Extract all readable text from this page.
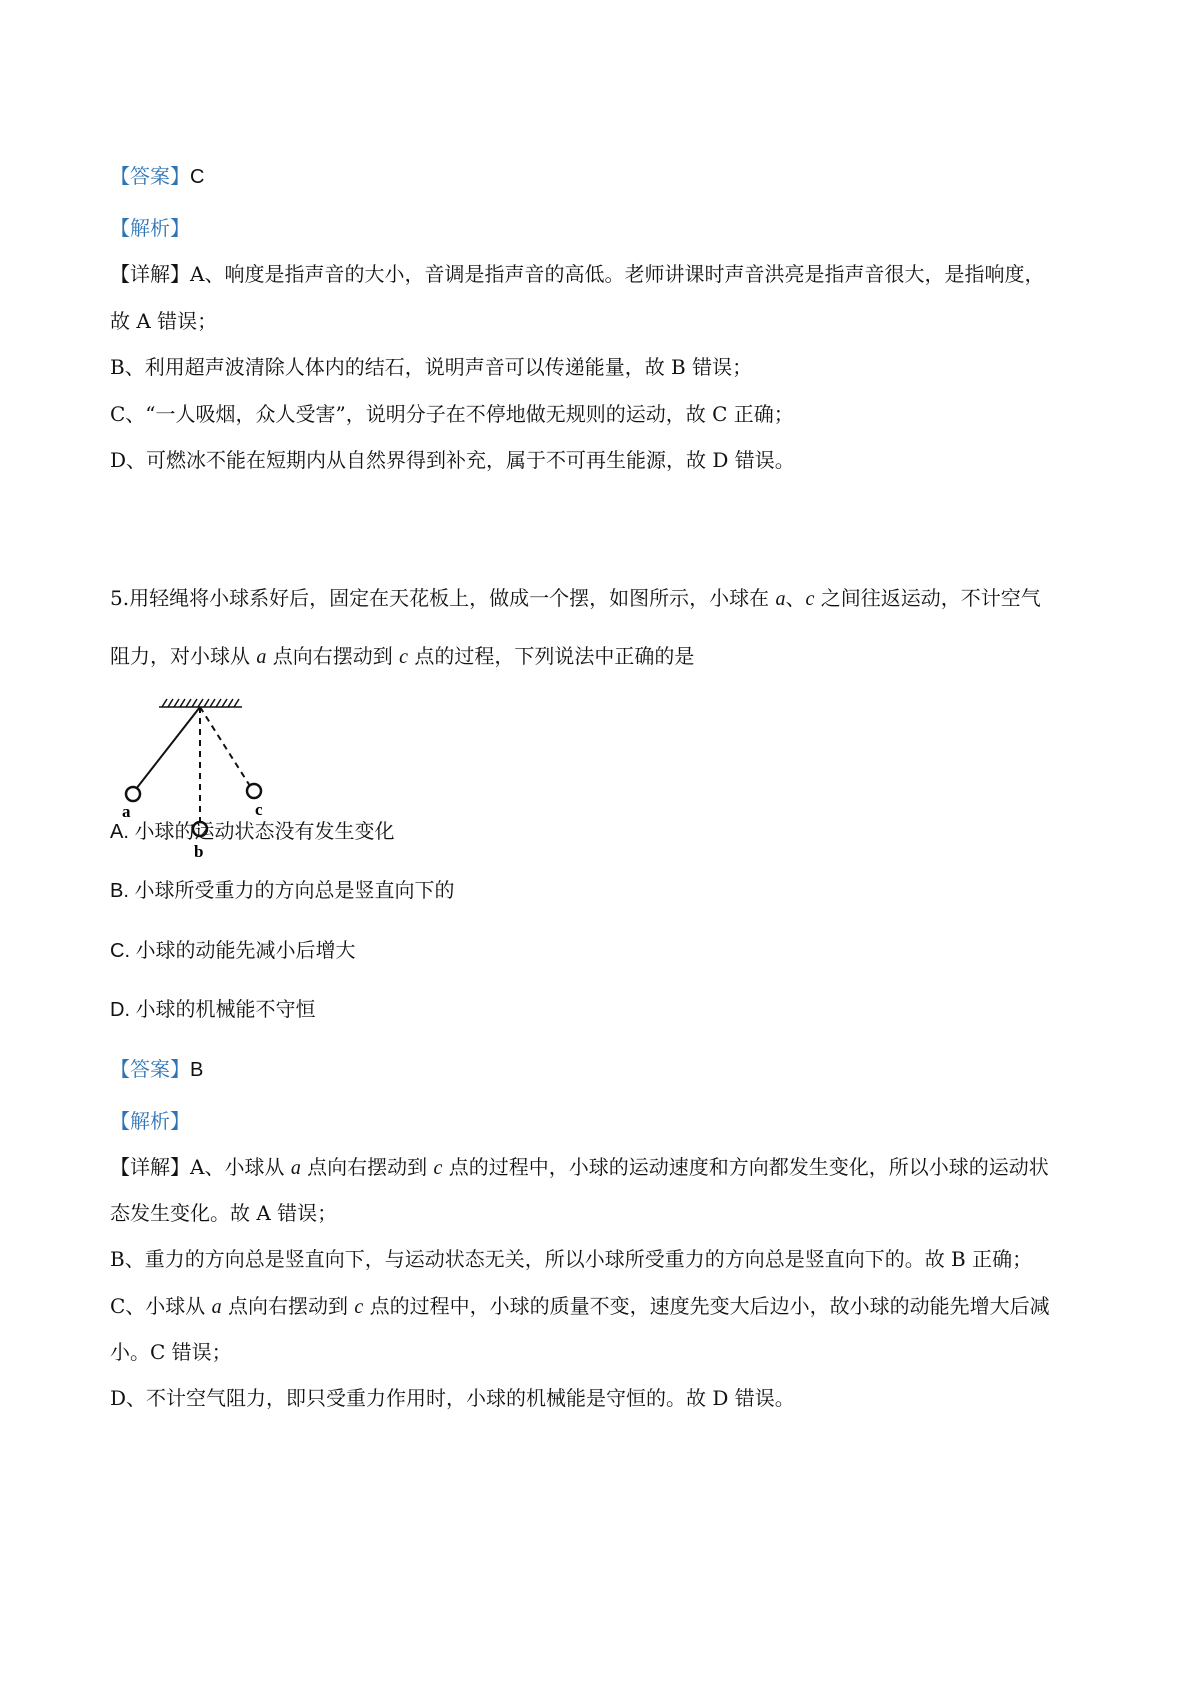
【答案】C
【解析】
【详解】A、响度是指声音的大小，音调是指声音的高低。老师讲课时声音洪亮是指声音很大，是指响度，
故 A 错误；
B、利用超声波清除人体内的结石，说明声音可以传递能量，故 B 错误；
C、“一人吸烟，众人受害”，说明分子在不停地做无规则的运动，故 C 正确；
D、可燃冰不能在短期内从自然界得到补充，属于不可再生能源，故 D 错误。
5.用轻绳将小球系好后，固定在天花板上，做成一个摆，如图所示，小球在 a、c 之间往返运动，不计空气
阻力，对小球从 a 点向右摆动到 c 点的过程，下列说法中正确的是
a
b
c
A. 小球的运动状态没有发生变化
B. 小球所受重力的方向总是竖直向下的
C. 小球的动能先减小后增大
D. 小球的机械能不守恒
【答案】B
【解析】
【详解】A、小球从 a 点向右摆动到 c 点的过程中，小球的运动速度和方向都发生变化，所以小球的运动状
态发生变化。故 A 错误；
B、重力的方向总是竖直向下，与运动状态无关，所以小球所受重力的方向总是竖直向下的。故 B 正确；
C、小球从 a 点向右摆动到 c 点的过程中，小球的质量不变，速度先变大后边小，故小球的动能先增大后减
小。C 错误；
D、不计空气阻力，即只受重力作用时，小球的机械能是守恒的。故 D 错误。
